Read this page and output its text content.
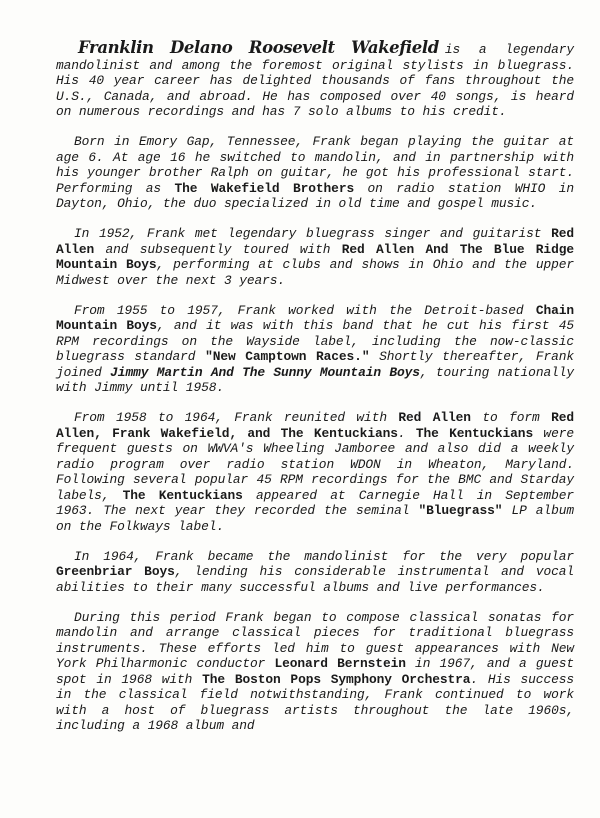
Franklin Delano Roosevelt Wakefield is a legendary mandolinist and among the foremost original stylists in bluegrass. His 40 year career has delighted thousands of fans throughout the U.S., Canada, and abroad. He has composed over 40 songs, is heard on numerous recordings and has 7 solo albums to his credit.

Born in Emory Gap, Tennessee, Frank began playing the guitar at age 6. At age 16 he switched to mandolin, and in partnership with his younger brother Ralph on guitar, he got his professional start. Performing as The Wakefield Brothers on radio station WHIO in Dayton, Ohio, the duo specialized in old time and gospel music.

In 1952, Frank met legendary bluegrass singer and guitarist Red Allen and subsequently toured with Red Allen And The Blue Ridge Mountain Boys, performing at clubs and shows in Ohio and the upper Midwest over the next 3 years.

From 1955 to 1957, Frank worked with the Detroit-based Chain Mountain Boys, and it was with this band that he cut his first 45 RPM recordings on the Wayside label, including the now-classic bluegrass standard "New Camptown Races." Shortly thereafter, Frank joined Jimmy Martin And The Sunny Mountain Boys, touring nationally with Jimmy until 1958.

From 1958 to 1964, Frank reunited with Red Allen to form Red Allen, Frank Wakefield, and The Kentuckians. The Kentuckians were frequent guests on WWVA's Wheeling Jamboree and also did a weekly radio program over radio station WDON in Wheaton, Maryland. Following several popular 45 RPM recordings for the BMC and Starday labels, The Kentuckians appeared at Carnegie Hall in September 1963. The next year they recorded the seminal "Bluegrass" LP album on the Folkways label.

In 1964, Frank became the mandolinist for the very popular Greenbriar Boys, lending his considerable instrumental and vocal abilities to their many successful albums and live performances.

During this period Frank began to compose classical sonatas for mandolin and arrange classical pieces for traditional bluegrass instruments. These efforts led him to guest appearances with New York Philharmonic conductor Leonard Bernstein in 1967, and a guest spot in 1968 with The Boston Pops Symphony Orchestra. His success in the classical field notwithstanding, Frank continued to work with a host of bluegrass artists throughout the late 1960s, including a 1968 album and
